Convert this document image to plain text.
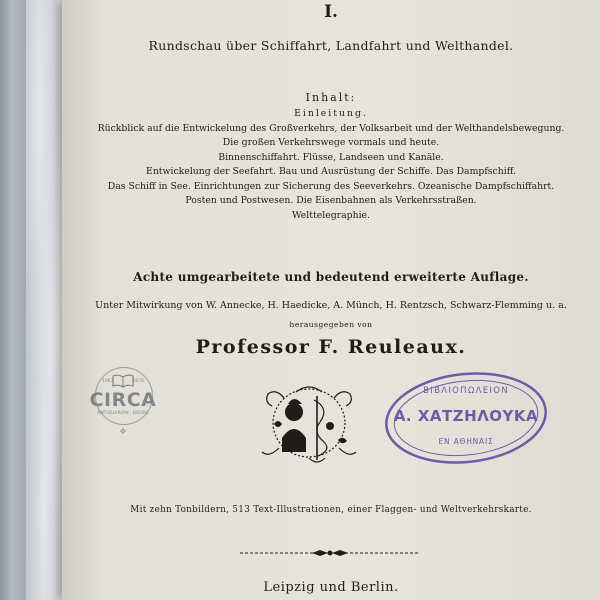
I.
Rundschau über Schiffahrt, Landfahrt und Welthandel.
Inhalt:
Einleitung.
Rückblick auf die Entwickelung des Großverkehrs, der Volksarbeit und der Welthandelsbewegung.
Die großen Verkehrswege vormals und heute.
Binnenschiffahrt. Flüsse, Landseen und Kanäle.
Entwickelung der Seefahrt. Bau und Ausrüstung der Schiffe. Das Dampfschiff.
Das Schiff in See. Einrichtungen zur Sicherung des Seeverkehrs. Ozeanische Dampfschiffahrt.
Posten und Postwesen. Die Eisenbahnen als Verkehrsstraßen.
Welttelegraphie.
Achte umgearbeitete und bedeutend erweiterte Auflage.
Unter Mitwirkung von W. Annecke, H. Haedicke, A. Münch, H. Rentzsch, Schwarz-Flemming u. a.
herausgegeben von
Professor F. Reuleaux.
Mit zehn Tonbildern, 513 Text-Illustrationen, einer Flaggen- und Weltverkehrskarte.
Leipzig und Berlin.
1967	1978
CIRCA
ANTIQUARIAN · BOOKS
✥
ΒΙΒΛΙΟΠΩΛΕΙΟΝ
Α. ΧΑΤΖΗΛΟΥΚΑ
ΕΝ ΑΘΗΝΑΙΣ
